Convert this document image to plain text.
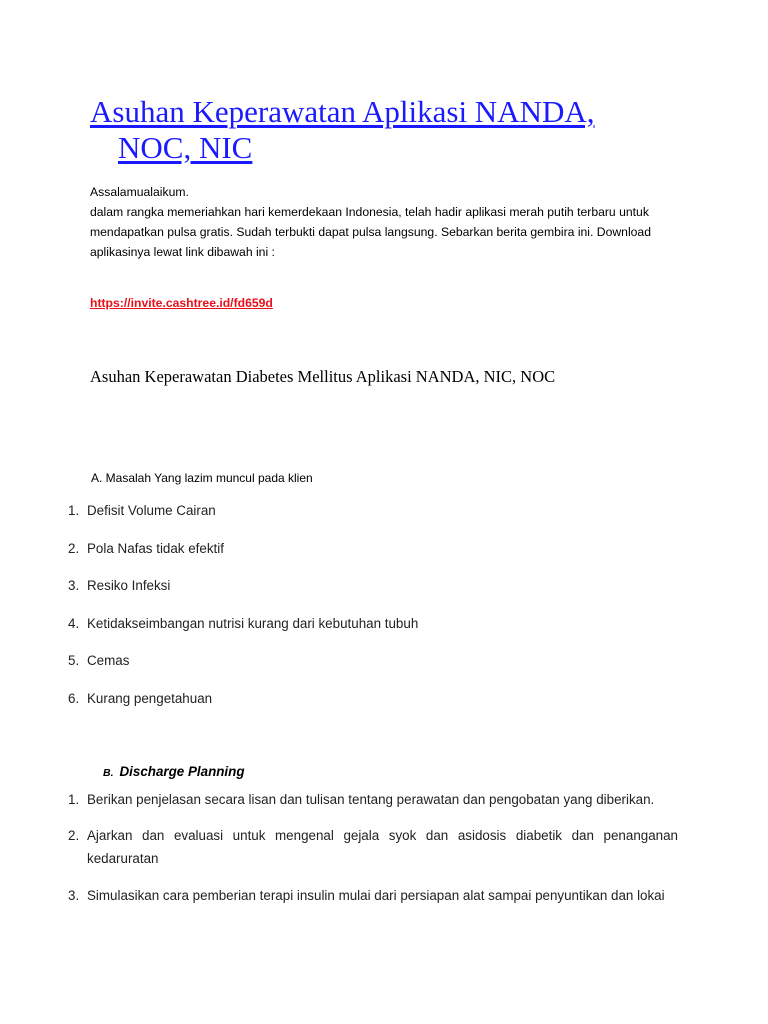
Asuhan Keperawatan Aplikasi NANDA,
NOC, NIC

Assalamualaikum.

dalam rangka memeriahkan hari kemerdekaan Indonesia, telah hadir aplikasi merah putih terbaru untuk mendapatkan pulsa gratis. Sudah terbukti dapat pulsa langsung. Sebarkan berita gembira ini. Download aplikasinya lewat link dibawah ini :

https://invite.cashtree.id/fd659d
Asuhan Keperawatan Diabetes Mellitus Aplikasi NANDA, NIC, NOC
A. Masalah Yang lazim muncul pada klien
1. Defisit Volume Cairan
2. Pola Nafas tidak efektif
3. Resiko Infeksi
4. Ketidakseimbangan nutrisi kurang dari kebutuhan tubuh
5. Cemas
6. Kurang pengetahuan
B. Discharge Planning
1. Berikan penjelasan secara lisan dan tulisan tentang perawatan dan pengobatan yang diberikan.
2. Ajarkan dan evaluasi untuk mengenal gejala syok dan asidosis diabetik dan penanganan kedaruratan
3. Simulasikan cara pemberian terapi insulin mulai dari persiapan alat sampai penyuntikan dan lokai
